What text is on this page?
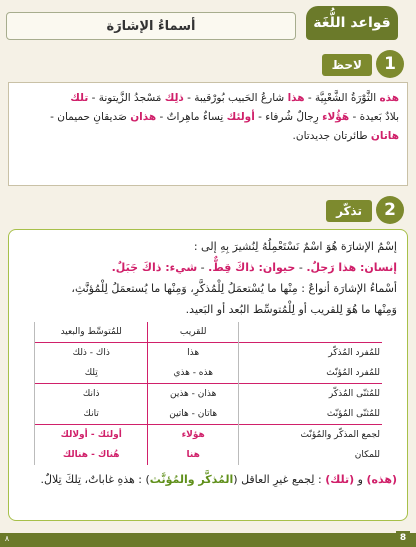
قواعد اللُّغَة
أسماءُ الإشارَة
1
لاحظ

هذه الثَّوْرَةُ الشَّعْبِيَّة - هذا شارعُ الحَبيب بُورْقيبة - ذلِك مَسْجدُ الزَّيتونة - تلك

بلادٌ بَعيدة - هَؤُلاء رِجالٌ شُرفاء - أولئك نِساءٌ ماهِراتٌ - هذان صَديقانِ حميمان -

هاتان طائرتان جديدتان.

2
تذكّر

إسْمُ الإشارَة هُوَ اسْمٌ نَسْتَعْمِلُهُ لِنُشيرَ بِهِ إلى :

إنسان: هذا رَجلٌ. - حيوان: ذاكَ قِطٌّ. - شيء: ذاكَ جَبَلٌ.

أسْماءُ الإشارَة أنواعٌ : مِنْها ما يُسْتعمَلُ لِلْمُذكَّرِ، وَمِنْها ما يُستعمَلُ لِلْمُؤنَّثِ،

وَمِنْها ما هُوَ لِلقريب أو لِلْمُتوسِّط البُعد أو البَعيد.

	للقريب	للمُتوسِّط والبعيد
للمُفرد المُذكّر	هذا	ذاك - ذلك
للمُفرد المُؤنّث	هذه - هذي	تِلك
للمُثنّى المُذكّر	هذان - هذين	ذانك
للمُثنّى المُؤنّث	هاتان - هاتين	تانك
لجمع المذكّر والمُؤنّث	هؤلاء	أولئك - أولالك
للمكان	هنا	هُناك - هنالك

(هذه) و (تلك) : لِجمع غيرِ العاقل (المُذكَّر والمُؤنَّث) : هذهِ غاباتٌ، تِلكَ تِلالٌ.

8
٨
